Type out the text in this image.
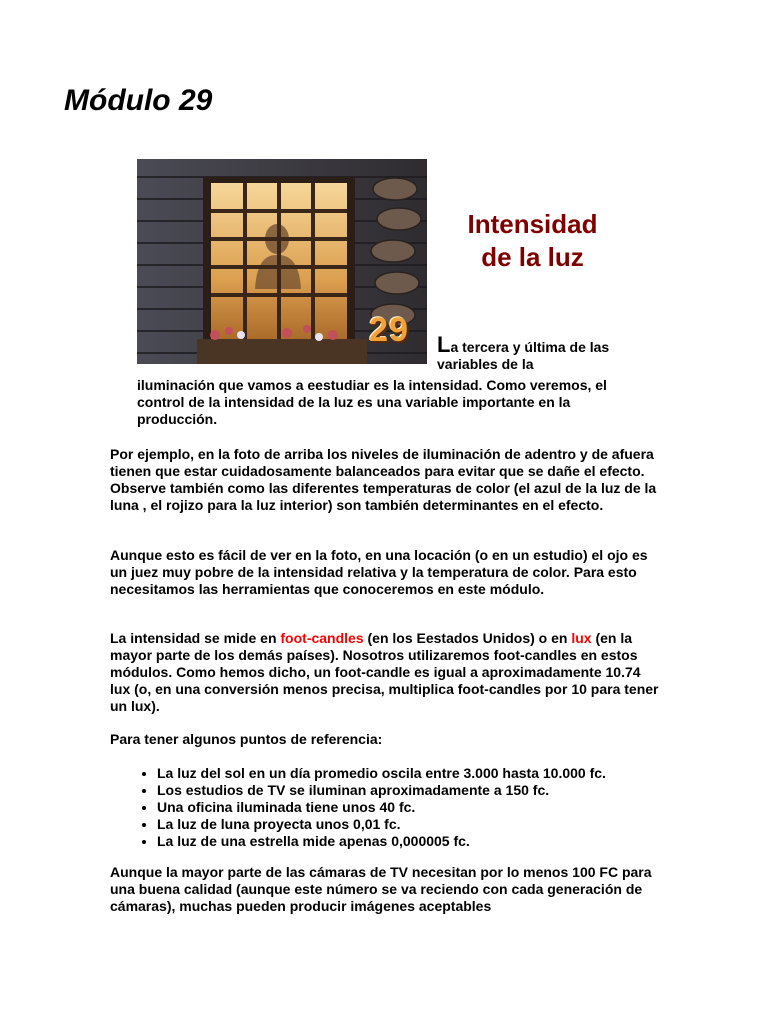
Módulo 29
29
Intensidad
de la luz
La tercera y última de las variables de la
iluminación que vamos a eestudiar es la intensidad. Como veremos, el control de la intensidad de la luz es una variable importante en la producción.

Por ejemplo, en la foto de arriba los niveles de iluminación de adentro y de afuera tienen que estar cuidadosamente balanceados para evitar que se dañe el efecto. Observe también como las diferentes temperaturas de color (el azul de la luz de la luna , el rojizo para la luz interior) son también determinantes en el efecto.

Aunque esto es fácil de ver en la foto, en una locación (o en un estudio) el ojo es un juez muy pobre de la intensidad relativa y la temperatura de color. Para esto necesitamos las herramientas que conoceremos en este módulo.

La intensidad se mide en foot-candles (en los Eestados Unidos) o en lux (en la mayor parte de los demás países). Nosotros utilizaremos foot-candles en estos módulos. Como hemos dicho, un foot-candle es igual a aproximadamente 10.74 lux (o, en una conversión menos precisa, multiplica foot-candles por 10 para tener un lux).

Para tener algunos puntos de referencia:

• La luz del sol en un día promedio oscila entre 3.000 hasta 10.000 fc.
• Los estudios de TV se iluminan aproximadamente a 150 fc.
• Una oficina iluminada tiene unos 40 fc.
• La luz de luna proyecta unos 0,01 fc.
• La luz de una estrella mide apenas 0,000005 fc.

Aunque la mayor parte de las cámaras de TV necesitan por lo menos 100 FC para una buena calidad (aunque este número se va reciendo con cada generación de cámaras), muchas pueden producir imágenes aceptables
